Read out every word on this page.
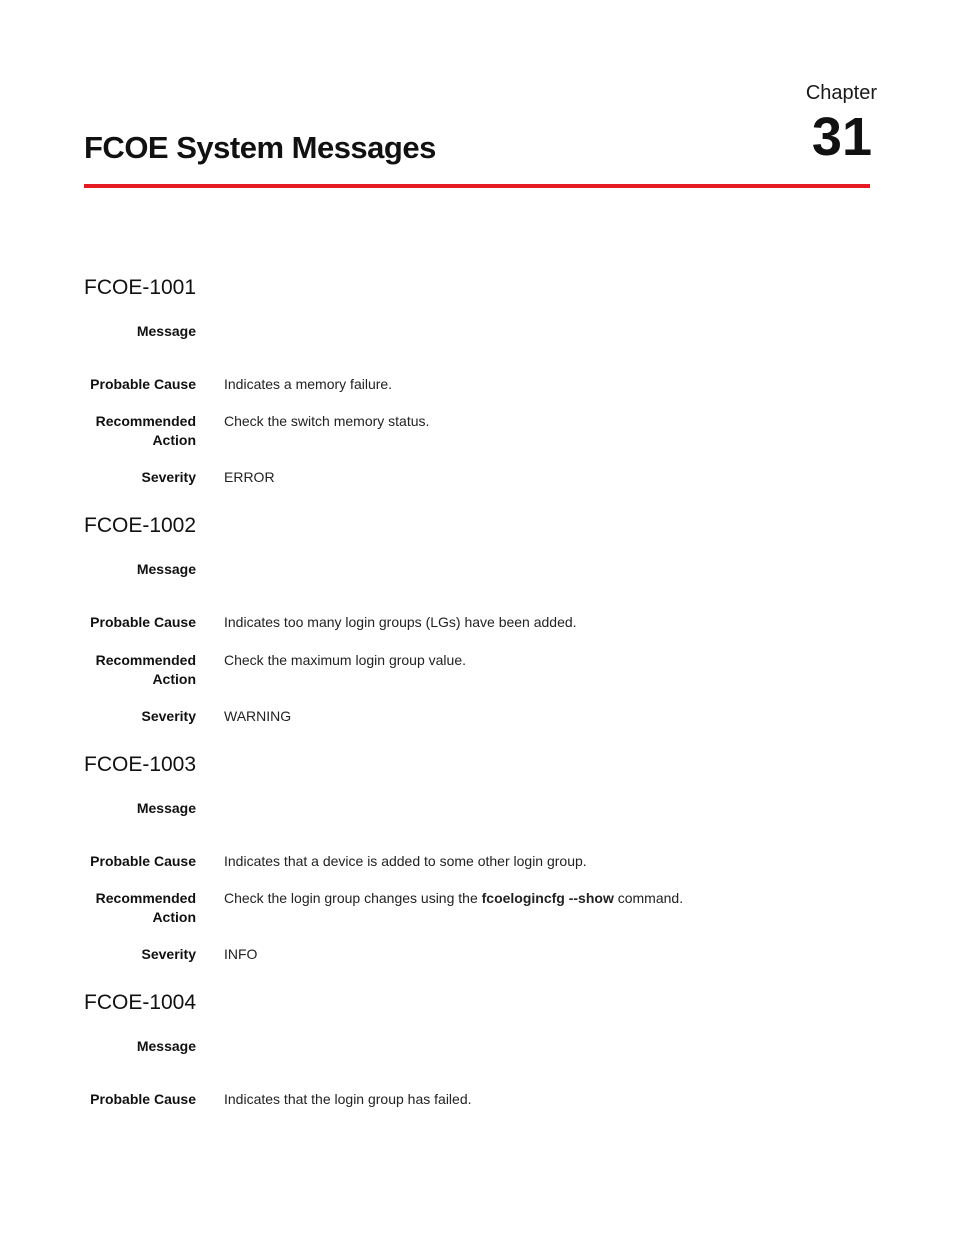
Chapter
31
FCOE System Messages
FCOE-1001
Message
Probable Cause Indicates a memory failure.
Recommended
Action
Check the switch memory status.
Severity ERROR
FCOE-1002
Message
Probable Cause Indicates too many login groups (LGs) have been added.
Recommended
Action
Check the maximum login group value.
Severity WARNING
FCOE-1003
Message
Probable Cause Indicates that a device is added to some other login group.
Recommended
Action
Check the login group changes using the fcoelogincfg --show command.
Severity INFO
FCOE-1004
Message
Probable Cause Indicates that the login group has failed.
